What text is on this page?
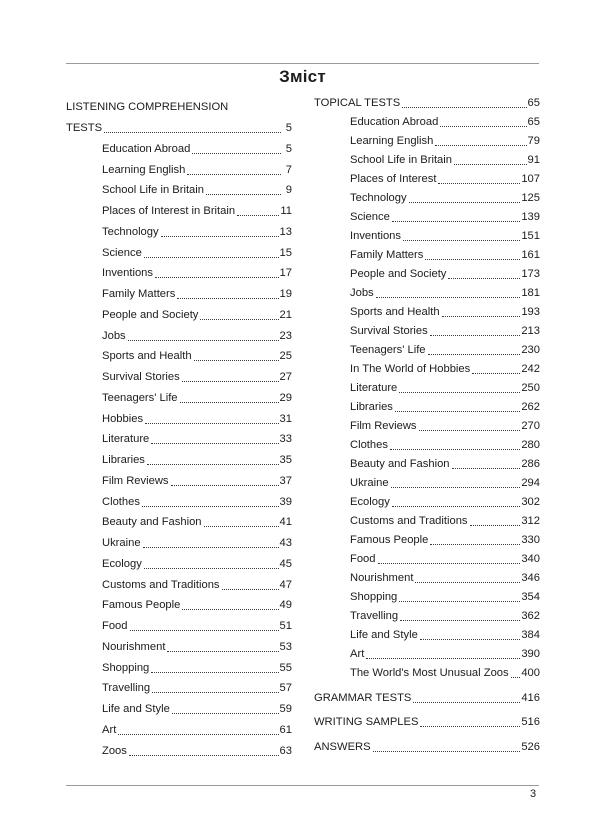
Зміст
LISTENING COMPREHENSION
TESTS	5
Education Abroad	5
Learning English	7
School Life in Britain	9
Places of Interest in Britain	11
Technology	13
Science	15
Inventions	17
Family Matters	19
People and Society	21
Jobs	23
Sports and Health	25
Survival Stories	27
Teenagers' Life	29
Hobbies	31
Literature	33
Libraries	35
Film Reviews	37
Clothes	39
Beauty and Fashion	41
Ukraine	43
Ecology	45
Customs and Traditions	47
Famous People	49
Food	51
Nourishment	53
Shopping	55
Travelling	57
Life and Style	59
Art	61
Zoos	63
TOPICAL TESTS	65
Education Abroad	65
Learning English	79
School Life in Britain	91
Places of Interest	107
Technology	125
Science	139
Inventions	151
Family Matters	161
People and Society	173
Jobs	181
Sports and Health	193
Survival Stories	213
Teenagers' Life	230
In The World of Hobbies	242
Literature	250
Libraries	262
Film Reviews	270
Clothes	280
Beauty and Fashion	286
Ukraine	294
Ecology	302
Customs and Traditions	312
Famous People	330
Food	340
Nourishment	346
Shopping	354
Travelling	362
Life and Style	384
Art	390
The World's Most Unusual Zoos 400
GRAMMAR TESTS	416
WRITING SAMPLES	516
ANSWERS	526
3
